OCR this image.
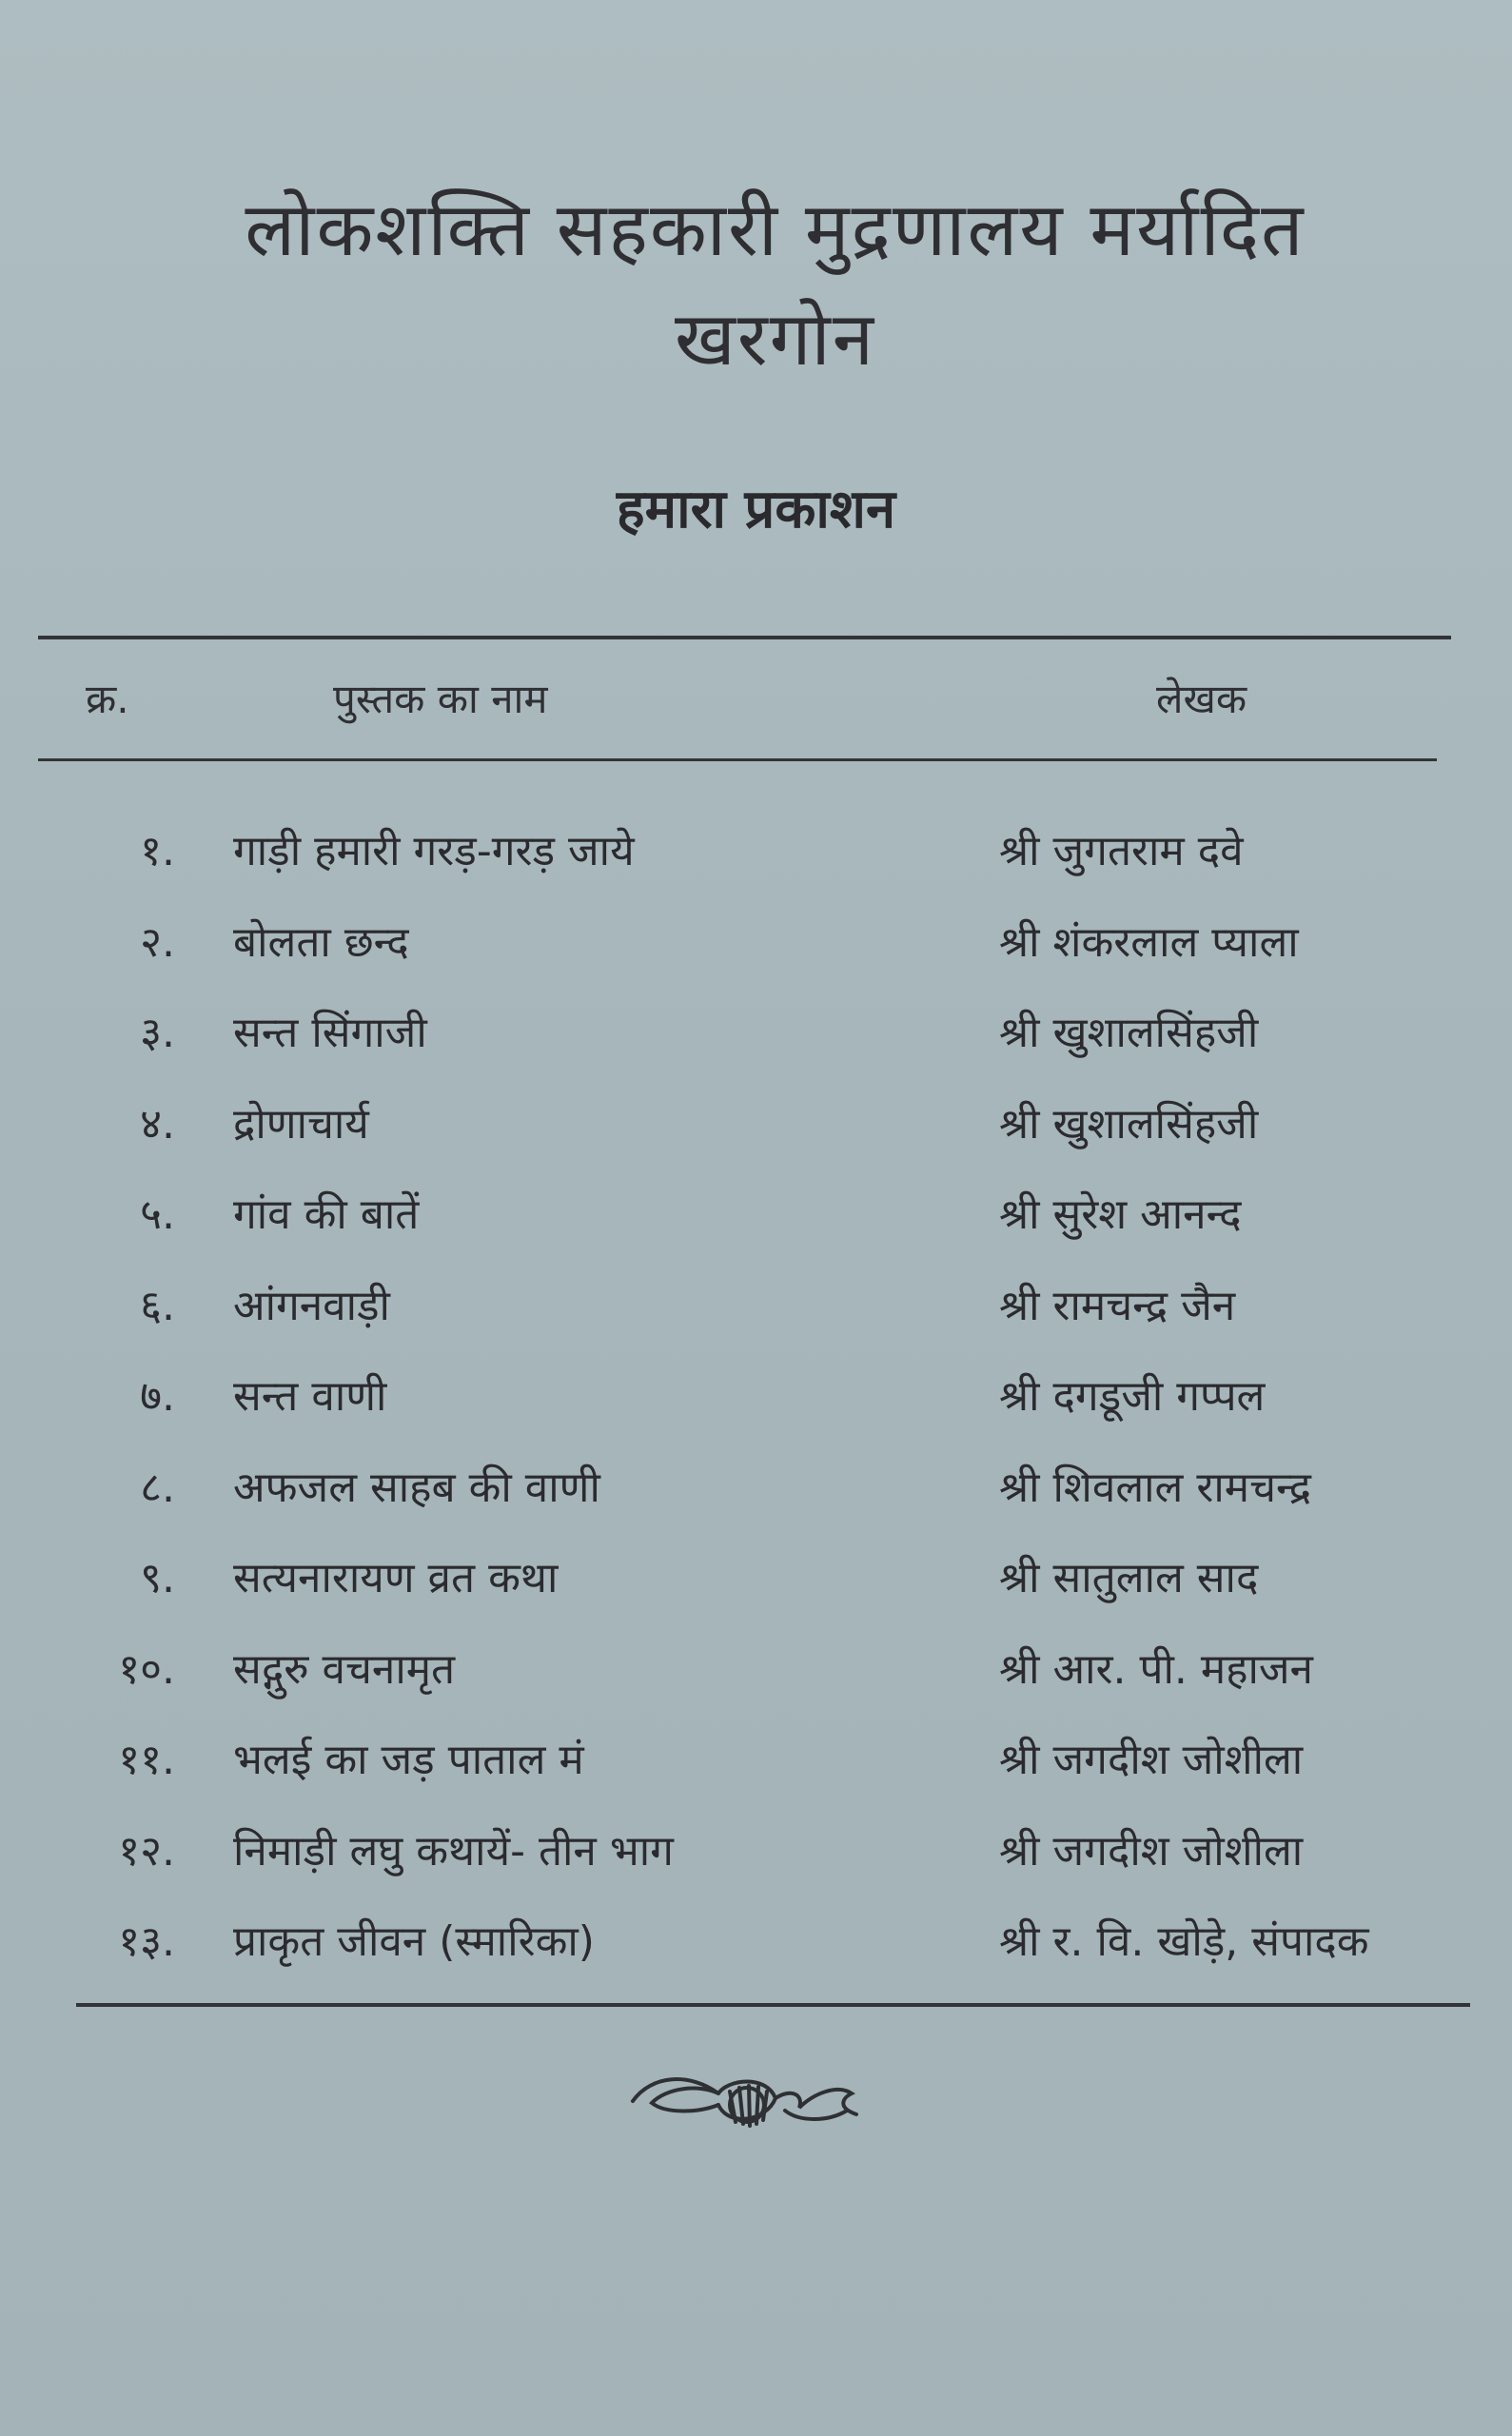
लोकशक्ति सहकारी मुद्रणालय मर्यादित
खरगोन
हमारा प्रकाशन
क्र.	पुस्तक का नाम	लेखक
१. गाड़ी हमारी गरड़-गरड़ जाये	श्री जुगतराम दवे
२. बोलता छन्द	श्री शंकरलाल प्याला
३. सन्त सिंगाजी	श्री खुशालसिंहजी
४. द्रोणाचार्य	श्री खुशालसिंहजी
५. गांव की बातें	श्री सुरेश आनन्द
६. आंगनवाड़ी	श्री रामचन्द्र जैन
७. सन्त वाणी	श्री दगडूजी गप्पल
८. अफजल साहब की वाणी	श्री शिवलाल रामचन्द्र
९. सत्यनारायण व्रत कथा	श्री सातुलाल साद
१०. सद्गुरु वचनामृत	श्री आर. पी. महाजन
११. भलई का जड़ पाताल मं	श्री जगदीश जोशीला
१२. निमाड़ी लघु कथायें- तीन भाग	श्री जगदीश जोशीला
१३. प्राकृत जीवन (स्मारिका)	श्री र. वि. खोड़े, संपादक
